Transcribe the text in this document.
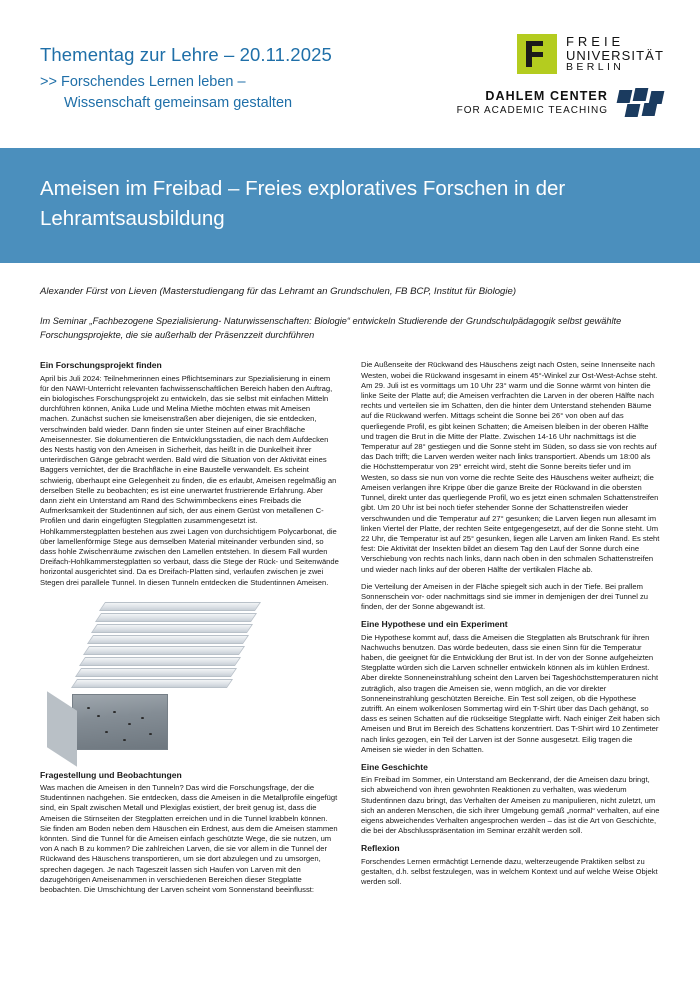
Thementag zur Lehre – 20.11.2025
>> Forschendes Lernen leben –
Wissenschaft gemeinsam gestalten
FREIE
UNIVERSITÄT
BERLIN
DAHLEM CENTER
FOR ACADEMIC TEACHING
Ameisen im Freibad – Freies exploratives Forschen in der Lehramtsausbildung

Alexander Fürst von Lieven (Masterstudiengang für das Lehramt an Grundschulen, FB BCP, Institut für Biologie)

Im Seminar „Fachbezogene Spezialisierung- Naturwissenschaften: Biologie“ entwickeln Studierende der Grundschulpädagogik selbst gewählte Forschungsprojekte, die sie außerhalb der Präsenzzeit durchführen

Ein Forschungsprojekt finden

April bis Juli 2024: Teilnehmerinnen eines Pflichtseminars zur Spezialisierung in einem für den NAWI-Unterricht relevanten fachwissenschaftlichen Bereich haben den Auftrag, ein biologisches Forschungsprojekt zu entwickeln, das sie selbst mit einfachen Mitteln durchführen können, Anika Lude und Melina Miethe möchten etwas mit Ameisen machen. Zunächst suchen sie kmeisenstraßen aber diejenigen, die sie entdecken, verschwinden bald wieder. Dann finden sie unter Steinen auf einer Brachfläche Ameisennester. Sie dokumentieren die Entwicklungsstadien, die nach dem Aufdecken des Nests hastig von den Ameisen in Sicherheit, das heißt in die Dunkelheit ihrer unterirdischen Gänge gebracht werden. Bald wird die Situation von der Aktivität eines Baggers vernichtet, der die Brachfläche in eine Baustelle verwandelt. Es scheint schwierig, überhaupt eine Gelegenheit zu finden, die es erlaubt, Ameisen regelmäßig an derselben Stelle zu beobachten; es ist eine unerwartet frustrierende Erfahrung. Aber dann zieht ein Unterstand am Rand des Schwimmbeckens eines Freibads die Aufmerksamkeit der Studentinnen auf sich, der aus einem Gerüst von metallenen C-Profilen und darin eingefügten Stegplatten zusammengesetzt ist. Hohlkammerstegplatten bestehen aus zwei Lagen von durchsichtigem Polycarbonat, die über lamellenförmige Stege aus demselben Material miteinander verbunden sind, so dass hohle Zwischenräume zwischen den Lamellen entstehen. In diesem Fall wurden Dreifach-Hohlkammerstegplatten so verbaut, dass die Stege der Rück- und Seitenwände horizontal ausgerichtet sind. Da es Dreifach-Platten sind, verlaufen zwischen je zwei Stegen drei parallele Tunnel. In diesen Tunneln entdecken die Studentinnen Ameisen.

Fragestellung und Beobachtungen

Was machen die Ameisen in den Tunneln? Das wird die Forschungsfrage, der die Studentinnen nachgehen. Sie entdecken, dass die Ameisen in die Metallprofile eingefügt sind, ein Spalt zwischen Metall und Plexiglas existiert, der breit genug ist, dass die Ameisen die Stirnseiten der Stegplatten erreichen und in die Tunnel krabbeln können. Sie finden am Boden neben dem Häuschen ein Erdnest, aus dem die Ameisen stammen könnten. Sind die Tunnel für die Ameisen einfach geschützte Wege, die sie nutzen, um von A nach B zu kommen? Die zahlreichen Larven, die sie vor allem in die Tunnel der Rückwand des Häuschens transportieren, um sie dort abzulegen und zu umsorgen, sprechen dagegen. Je nach Tageszeit lassen sich Haufen von Larven mit den dazugehörigen Ameisenammen in verschiedenen Bereichen dieser Stegplatte beobachten. Die Umschichtung der Larven scheint vom Sonnenstand beeinflusst:

Die Außenseite der Rückwand des Häuschens zeigt nach Osten, seine Innenseite nach Westen, wobei die Rückwand insgesamt in einem 45°-Winkel zur Ost-West-Achse steht. Am 29. Juli ist es vormittags um 10 Uhr 23° warm und die Sonne wärmt von hinten die linke Seite der Platte auf; die Ameisen verfrachten die Larven in der oberen Hälfte nach rechts und verteilen sie im Schatten, den die hinter dem Unterstand stehenden Bäume auf die Rückwand werfen. Mittags scheint die Sonne bei 26° von oben auf das querliegende Profil, es gibt keinen Schatten; die Ameisen bleiben in der oberen Hälfte und tragen die Brut in die Mitte der Platte. Zwischen 14-16 Uhr nachmittags ist die Temperatur auf 28° gestiegen und die Sonne steht im Süden, so dass sie von rechts auf das Dach trifft; die Larven werden weiter nach links transportiert. Abends um 18:00 als die Höchsttemperatur von 29° erreicht wird, steht die Sonne bereits tiefer und im Westen, so dass sie nun von vorne die rechte Seite des Häuschens weiter aufheizt; die Ameisen verlangen ihre Krippe über die ganze Breite der Rückwand in die obersten Tunnel, direkt unter das querliegende Profil, wo es jetzt einen schmalen Schattenstreifen gibt. Um 20 Uhr ist bei noch tiefer stehender Sonne der Schattenstreifen wieder verschwunden und die Temperatur auf 27° gesunken; die Larven liegen nun allesamt im linken Viertel der Platte, der rechten Seite entgegengesetzt, auf der die Sonne steht. Um 22 Uhr, die Temperatur ist auf 25° gesunken, liegen alle Larven am linken Rand. Es steht fest: Die Aktivität der Insekten bildet an diesem Tag den Lauf der Sonne durch eine Verschiebung von rechts nach links, dann nach oben in den schmalen Schattenstreifen und wieder nach links auf der oberen Hälfte der vertikalen Fläche ab.

Die Verteilung der Ameisen in der Fläche spiegelt sich auch in der Tiefe. Bei prallem Sonnenschein vor- oder nachmittags sind sie immer in demjenigen der drei Tunnel zu finden, der der Sonne abgewandt ist.

Eine Hypothese und ein Experiment

Die Hypothese kommt auf, dass die Ameisen die Stegplatten als Brutschrank für ihren Nachwuchs benutzen. Das würde bedeuten, dass sie einen Sinn für die Temperatur haben, die geeignet für die Entwicklung der Brut ist. In der von der Sonne aufgeheizten Stegplatte würden sich die Larven schneller entwickeln können als im kühlen Erdnest. Aber direkte Sonneneinstrahlung scheint den Larven bei Tageshöchsttemperaturen nicht zuträglich, also tragen die Ameisen sie, wenn möglich, an die vor direkter Sonneneinstrahlung geschützten Bereiche. Ein Test soll zeigen, ob die Hypothese zutrifft. An einem wolkenlosen Sommertag wird ein T-Shirt über das Dach gehängt, so dass es seinen Schatten auf die rückseitige Stegplatte wirft. Nach einiger Zeit haben sich Ameisen und Brut im Bereich des Schattens konzentriert. Das T-Shirt wird 10 Zentimeter nach links gezogen, ein Teil der Larven ist der Sonne ausgesetzt. Eilig tragen die Ameisen sie wieder in den Schatten.

Eine Geschichte

Ein Freibad im Sommer, ein Unterstand am Beckenrand, der die Ameisen dazu bringt, sich abweichend von ihren gewohnten Reaktionen zu verhalten, was wiederum Studentinnen dazu bringt, das Verhalten der Ameisen zu manipulieren, nicht zuletzt, um sich an anderen Menschen, die sich ihrer Umgebung gemäß „normal“ verhalten, auf eine eigens abweichendes Verhalten angesprochen werden – das ist die Art von Geschichte, die bei der Abschlusspräsentation im Seminar erzählt werden soll.

Reflexion

Forschendes Lernen ermächtigt Lernende dazu, welterzeugende Praktiken selbst zu gestalten, d.h. selbst festzulegen, was in welchem Kontext und auf welche Weise Objekt werden soll.
